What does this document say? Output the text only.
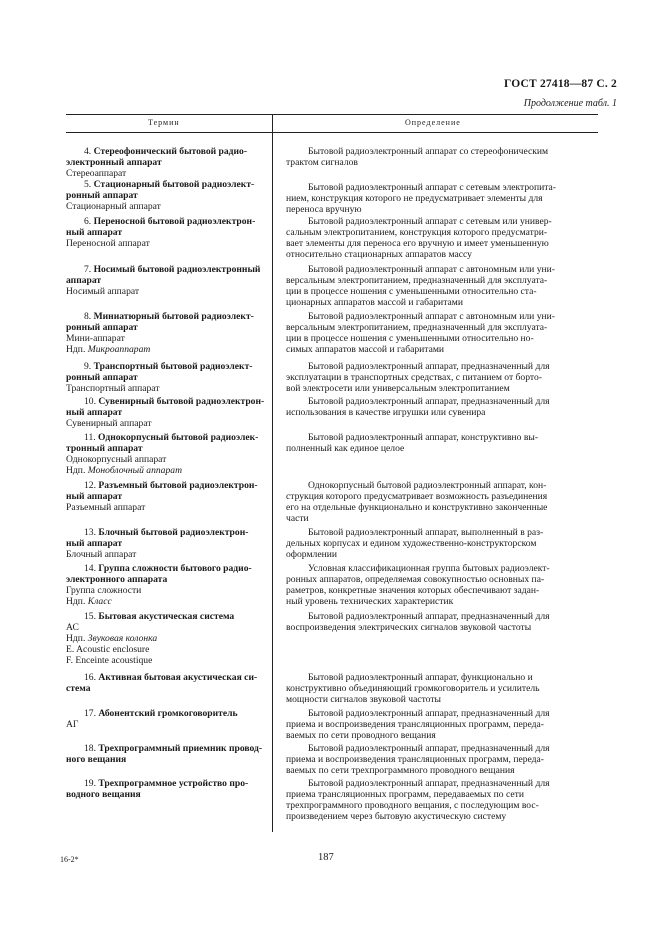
ГОСТ 27418—87 С. 2
Продолжение табл. 1
Термин	Определение
4. Стереофонический бытовой радио-
электронный аппарат
Стереоаппарат
Бытовой радиоэлектронный аппарат со стереофоническим
трактом сигналов
5. Стационарный бытовой радиоэлект-
ронный аппарат
Стационарный аппарат
Бытовой радиоэлектронный аппарат с сетевым электропита-
нием, конструкция которого не предусматривает элементы для
переноса вручную
6. Переносной бытовой радиоэлектрон-
ный аппарат
Переносной аппарат
Бытовой радиоэлектронный аппарат с сетевым или универ-
сальным электропитанием, конструкция которого предусматри-
вает элементы для переноса его вручную и имеет уменьшенную
относительно стационарных аппаратов массу
7. Носимый бытовой радиоэлектронный
аппарат
Носимый аппарат
Бытовой радиоэлектронный аппарат с автономным или уни-
версальным электропитанием, предназначенный для эксплуата-
ции в процессе ношения с уменьшенными относительно ста-
ционарных аппаратов массой и габаритами
8. Миниатюрный бытовой радиоэлект-
ронный аппарат
Мини-аппарат
Ндп. Микроаппарат
Бытовой радиоэлектронный аппарат с автономным или уни-
версальным электропитанием, предназначенный для эксплуата-
ции в процессе ношения с уменьшенными относительно но-
симых аппаратов массой и габаритами
9. Транспортный бытовой радиоэлект-
ронный аппарат
Транспортный аппарат
Бытовой радиоэлектронный аппарат, предназначенный для
эксплуатации в транспортных средствах, с питанием от борто-
вой электросети или универсальным электропитанием
10. Сувенирный бытовой радиоэлектрон-
ный аппарат
Сувенирный аппарат
Бытовой радиоэлектронный аппарат, предназначенный для
использования в качестве игрушки или сувенира
11. Однокорпусный бытовой радиоэлек-
тронный аппарат
Однокорпусный аппарат
Ндп. Моноблочный аппарат
Бытовой радиоэлектронный аппарат, конструктивно вы-
полненный как единое целое
12. Разъемный бытовой радиоэлектрон-
ный аппарат
Разъемный аппарат
Однокорпусный бытовой радиоэлектронный аппарат, кон-
струкция которого предусматривает возможность разъединения
его на отдельные функционально и конструктивно законченные
части
13. Блочный бытовой радиоэлектрон-
ный аппарат
Блочный аппарат
Бытовой радиоэлектронный аппарат, выполненный в раз-
дельных корпусах и едином художественно-конструкторском
оформлении
14. Группа сложности бытового радио-
электронного аппарата
Группа сложности
Ндп. Класс
Условная классификационная группа бытовых радиоэлект-
ронных аппаратов, определяемая совокупностью основных па-
раметров, конкретные значения которых обеспечивают задан-
ный уровень технических характеристик
15. Бытовая акустическая система
АС
Ндп. Звуковая колонка
E. Acoustic enclosure
F. Enceinte acoustique
Бытовой радиоэлектронный аппарат, предназначенный для
воспроизведения электрических сигналов звуковой частоты
16. Активная бытовая акустическая си-
стема
Бытовой радиоэлектронный аппарат, функционально и
конструктивно объединяющий громкоговоритель и усилитель
мощности сигналов звуковой частоты
17. Абонентский громкоговоритель
АГ
Бытовой радиоэлектронный аппарат, предназначенный для
приема и воспроизведения трансляционных программ, переда-
ваемых по сети проводного вещания
18. Трехпрограммный приемник провод-
ного вещания
Бытовой радиоэлектронный аппарат, предназначенный для
приема и воспроизведения трансляционных программ, переда-
ваемых по сети трехпрограммного проводного вещания
19. Трехпрограммное устройство про-
водного вещания
Бытовой радиоэлектронный аппарат, предназначенный для
приема трансляционных программ, передаваемых по сети
трехпрограммного проводного вещания, с последующим вос-
произведением через бытовую акустическую систему
16-2*	187
